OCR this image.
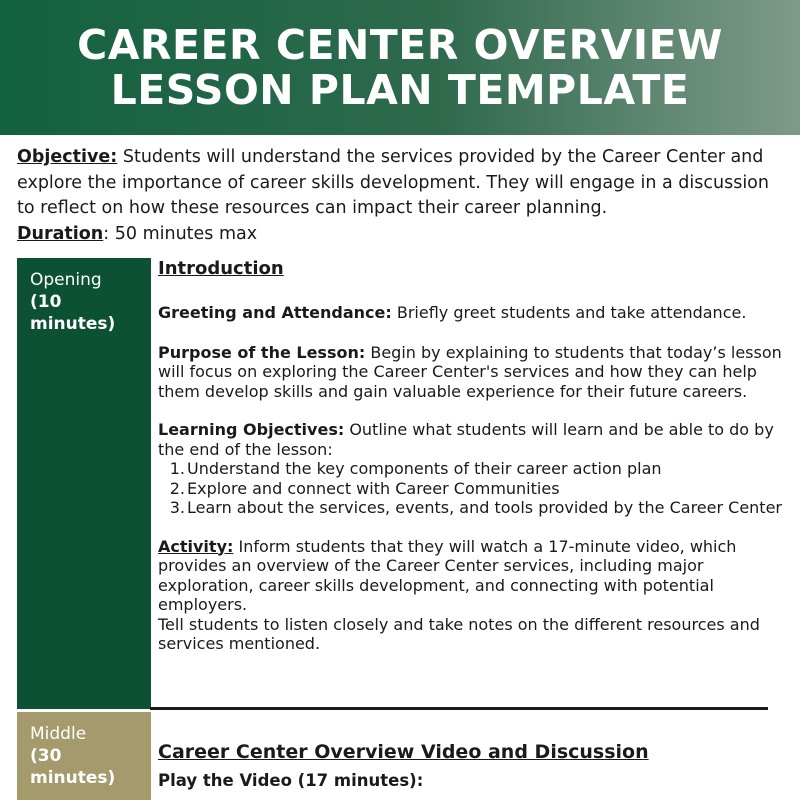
CAREER CENTER OVERVIEW
LESSON PLAN TEMPLATE

Objective: Students will understand the services provided by the Career Center and explore the importance of career skills development. They will engage in a discussion to reflect on how these resources can impact their career planning.

Duration: 50 minutes max

Opening
(10 minutes)
Introduction

Greeting and Attendance: Briefly greet students and take attendance.

Purpose of the Lesson: Begin by explaining to students that today’s lesson will focus on exploring the Career Center's services and how they can help them develop skills and gain valuable experience for their future careers.

Learning Objectives: Outline what students will learn and be able to do by the end of the lesson:

1. Understand the key components of their career action plan
2. Explore and connect with Career Communities
3. Learn about the services, events, and tools provided by the Career Center

Activity: Inform students that they will watch a 17-minute video, which provides an overview of the Career Center services, including major exploration, career skills development, and connecting with potential employers.

Tell students to listen closely and take notes on the different resources and services mentioned.

Middle
(30
minutes)
Career Center Overview Video and Discussion
Play the Video (17 minutes):
